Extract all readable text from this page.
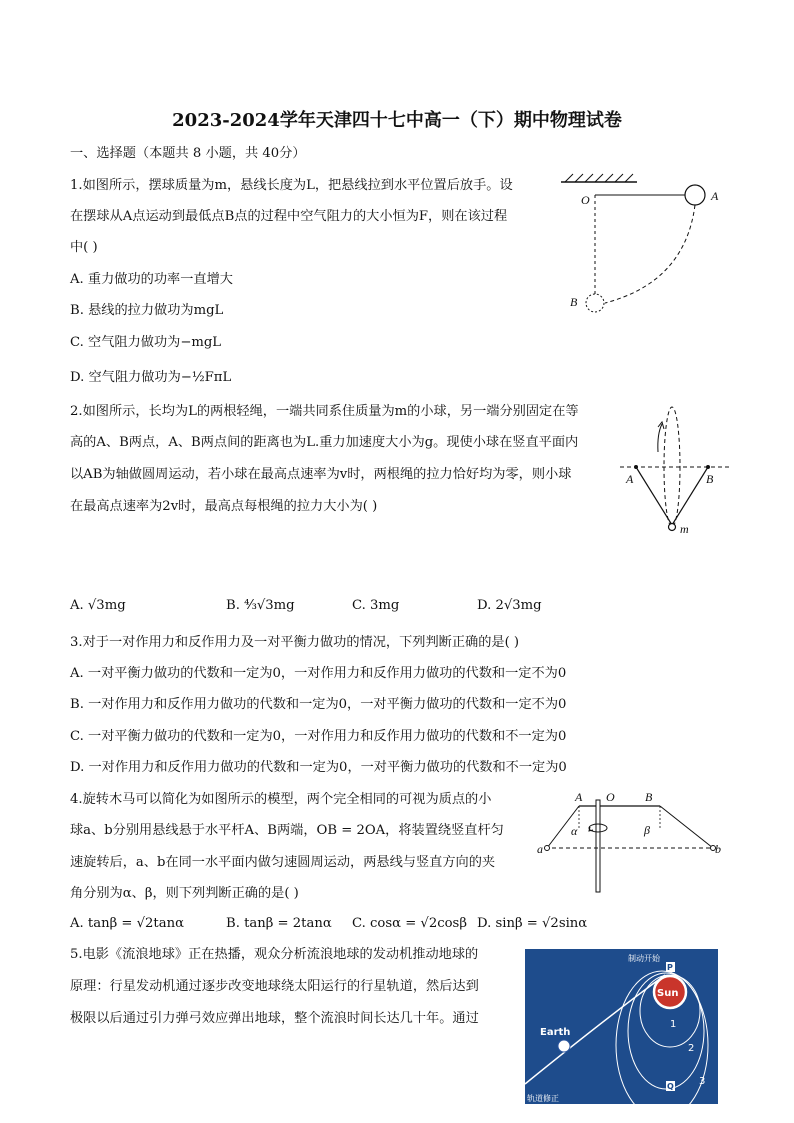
2023-2024学年天津四十七中高一（下）期中物理试卷
一、选择题（本题共 8 小题，共 40分）
1.如图所示，摆球质量为m，悬线长度为L，把悬线拉到水平位置后放手。设
在摆球从A点运动到最低点B点的过程中空气阻力的大小恒为F，则在该过程
中( )
A. 重力做功的功率一直增大
B. 悬线的拉力做功为mgL
C. 空气阻力做功为−mgL
D. 空气阻力做功为−½FπL
O	A
B
2.如图所示，长均为L的两根轻绳，一端共同系住质量为m的小球，另一端分别固定在等
高的A、B两点，A、B两点间的距离也为L.重力加速度大小为g。现使小球在竖直平面内
以AB为轴做圆周运动，若小球在最高点速率为v时，两根绳的拉力恰好均为零，则小球
在最高点速率为2v时，最高点每根绳的拉力大小为( )
A. √3mg	B. ⁴⁄₃√3mg	C. 3mg	D. 2√3mg
A	B
m
3.对于一对作用力和反作用力及一对平衡力做功的情况，下列判断正确的是( )
A. 一对平衡力做功的代数和一定为0，一对作用力和反作用力做功的代数和一定不为0
B. 一对作用力和反作用力做功的代数和一定为0，一对平衡力做功的代数和一定不为0
C. 一对平衡力做功的代数和一定为0，一对作用力和反作用力做功的代数和不一定为0
D. 一对作用力和反作用力做功的代数和一定为0，一对平衡力做功的代数和不一定为0
4.旋转木马可以简化为如图所示的模型，两个完全相同的可视为质点的小
球a、b分别用悬线悬于水平杆A、B两端，OB = 2OA，将装置绕竖直杆匀
速旋转后，a、b在同一水平面内做匀速圆周运动，两悬线与竖直方向的夹
角分别为α、β，则下列判断正确的是( )
A. tanβ = √2tanα	B. tanβ = 2tanα C. cosα = √2cosβ D. sinβ = √2sinα
A O	B
α	β
a	b
5.电影《流浪地球》正在热播，观众分析流浪地球的发动机推动地球的
原理：行星发动机通过逐步改变地球绕太阳运行的行星轨道，然后达到
极限以后通过引力弹弓效应弹出地球，整个流浪时间长达几十年。通过
制动开始
P
Sun
Earth
1
2
3
Q
轨道修正
